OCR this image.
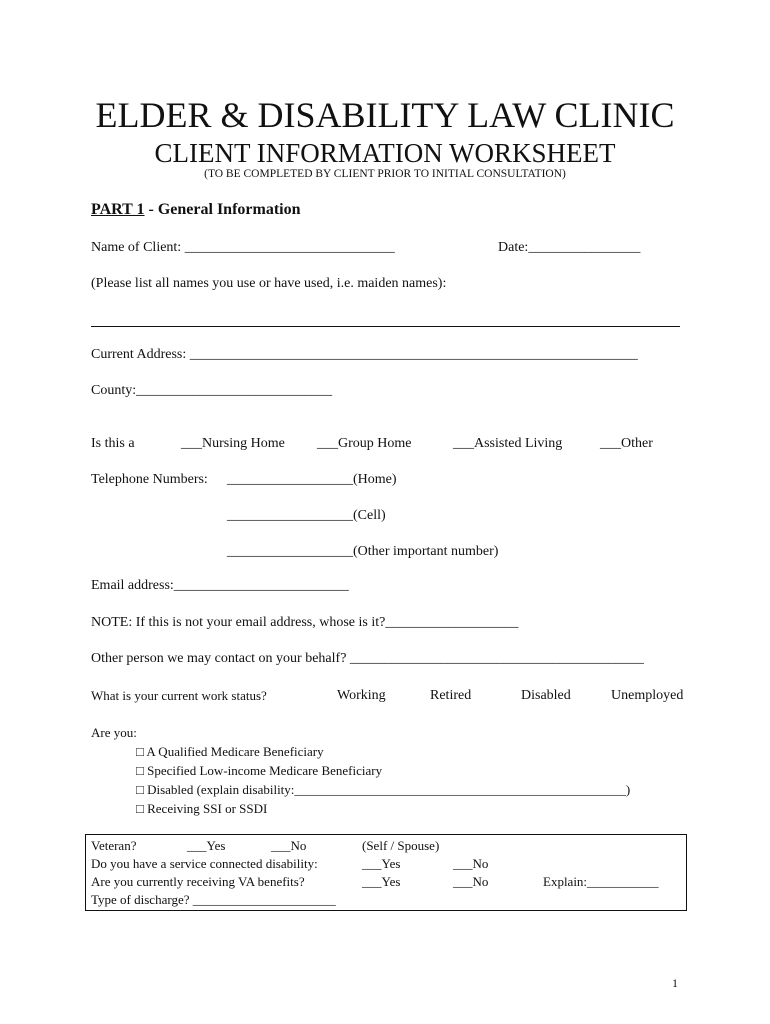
ELDER & DISABILITY LAW CLINIC
CLIENT INFORMATION WORKSHEET
(TO BE COMPLETED BY CLIENT PRIOR TO INITIAL CONSULTATION)
PART 1 - General Information
Name of Client: ______________________________	Date:________________
(Please list all names you use or have used, i.e. maiden names):
Current Address: ________________________________________________________________
County:____________________________
Is this a	___Nursing Home ___Group Home	___Assisted Living	___Other
Telephone Numbers: __________________(Home)
__________________(Cell)
__________________(Other important number)
Email address:_________________________
NOTE: If this is not your email address, whose is it?___________________
Other person we may contact on your behalf? __________________________________________
What is your current work status?	Working	Retired	Disabled	Unemployed
Are you:
□ A Qualified Medicare Beneficiary
□ Specified Low-income Medicare Beneficiary
□ Disabled (explain disability:___________________________________________________)
□ Receiving SSI or SSDI
Veteran?	___Yes	___No	(Self / Spouse)
Do you have a service connected disability:	___Yes	___No
Are you currently receiving VA benefits?	___Yes	___No	Explain:___________
Type of discharge? ______________________
1
